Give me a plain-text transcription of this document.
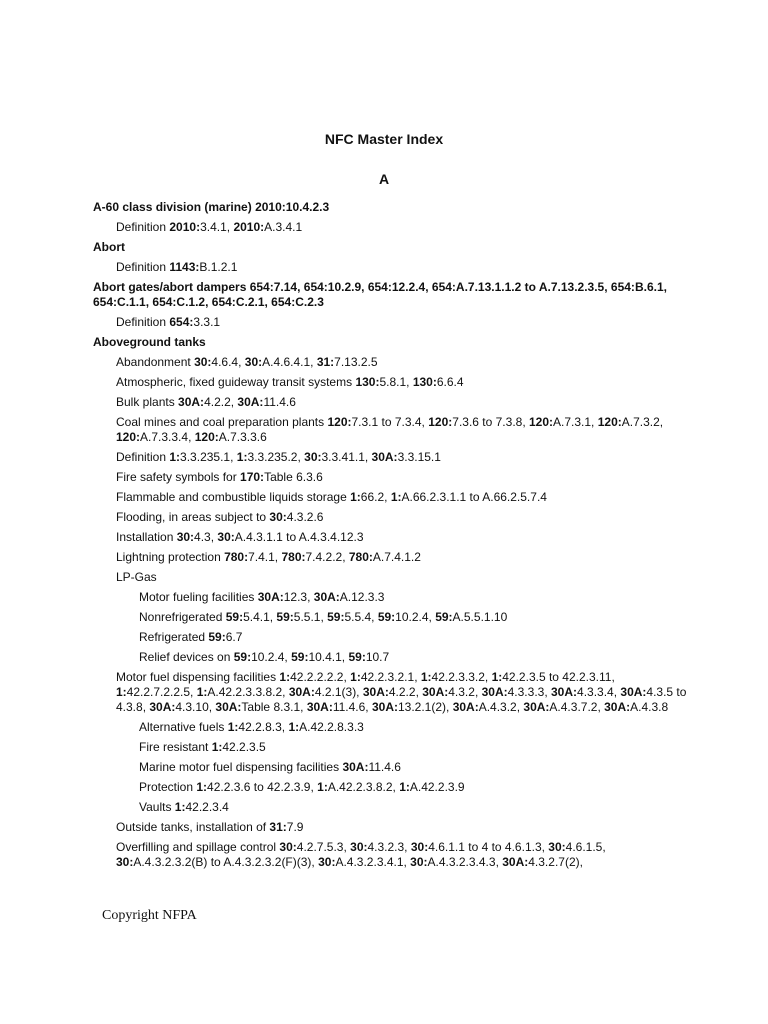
NFC Master Index
A
A-60 class division (marine) 2010:10.4.2.3
Definition 2010:3.4.1, 2010:A.3.4.1
Abort
Definition 1143:B.1.2.1
Abort gates/abort dampers 654:7.14, 654:10.2.9, 654:12.2.4, 654:A.7.13.1.1.2 to A.7.13.2.3.5, 654:B.6.1, 654:C.1.1, 654:C.1.2, 654:C.2.1, 654:C.2.3
Definition 654:3.3.1
Aboveground tanks
Abandonment 30:4.6.4, 30:A.4.6.4.1, 31:7.13.2.5
Atmospheric, fixed guideway transit systems 130:5.8.1, 130:6.6.4
Bulk plants 30A:4.2.2, 30A:11.4.6
Coal mines and coal preparation plants 120:7.3.1 to 7.3.4, 120:7.3.6 to 7.3.8, 120:A.7.3.1, 120:A.7.3.2, 120:A.7.3.3.4, 120:A.7.3.3.6
Definition 1:3.3.235.1, 1:3.3.235.2, 30:3.3.41.1, 30A:3.3.15.1
Fire safety symbols for 170:Table 6.3.6
Flammable and combustible liquids storage 1:66.2, 1:A.66.2.3.1.1 to A.66.2.5.7.4
Flooding, in areas subject to 30:4.3.2.6
Installation 30:4.3, 30:A.4.3.1.1 to A.4.3.4.12.3
Lightning protection 780:7.4.1, 780:7.4.2.2, 780:A.7.4.1.2
LP-Gas
Motor fueling facilities 30A:12.3, 30A:A.12.3.3
Nonrefrigerated 59:5.4.1, 59:5.5.1, 59:5.5.4, 59:10.2.4, 59:A.5.5.1.10
Refrigerated 59:6.7
Relief devices on 59:10.2.4, 59:10.4.1, 59:10.7
Motor fuel dispensing facilities 1:42.2.2.2.2, 1:42.2.3.2.1, 1:42.2.3.3.2, 1:42.2.3.5 to 42.2.3.11, 1:42.2.7.2.2.5, 1:A.42.2.3.3.8.2, 30A:4.2.1(3), 30A:4.2.2, 30A:4.3.2, 30A:4.3.3.3, 30A:4.3.3.4, 30A:4.3.5 to 4.3.8, 30A:4.3.10, 30A:Table 8.3.1, 30A:11.4.6, 30A:13.2.1(2), 30A:A.4.3.2, 30A:A.4.3.7.2, 30A:A.4.3.8
Alternative fuels 1:42.2.8.3, 1:A.42.2.8.3.3
Fire resistant 1:42.2.3.5
Marine motor fuel dispensing facilities 30A:11.4.6
Protection 1:42.2.3.6 to 42.2.3.9, 1:A.42.2.3.8.2, 1:A.42.2.3.9
Vaults 1:42.2.3.4
Outside tanks, installation of 31:7.9
Overfilling and spillage control 30:4.2.7.5.3, 30:4.3.2.3, 30:4.6.1.1 to 4 to 4.6.1.3, 30:4.6.1.5, 30:A.4.3.2.3.2(B) to A.4.3.2.3.2(F)(3), 30:A.4.3.2.3.4.1, 30:A.4.3.2.3.4.3, 30A:4.3.2.7(2),
Copyright NFPA
